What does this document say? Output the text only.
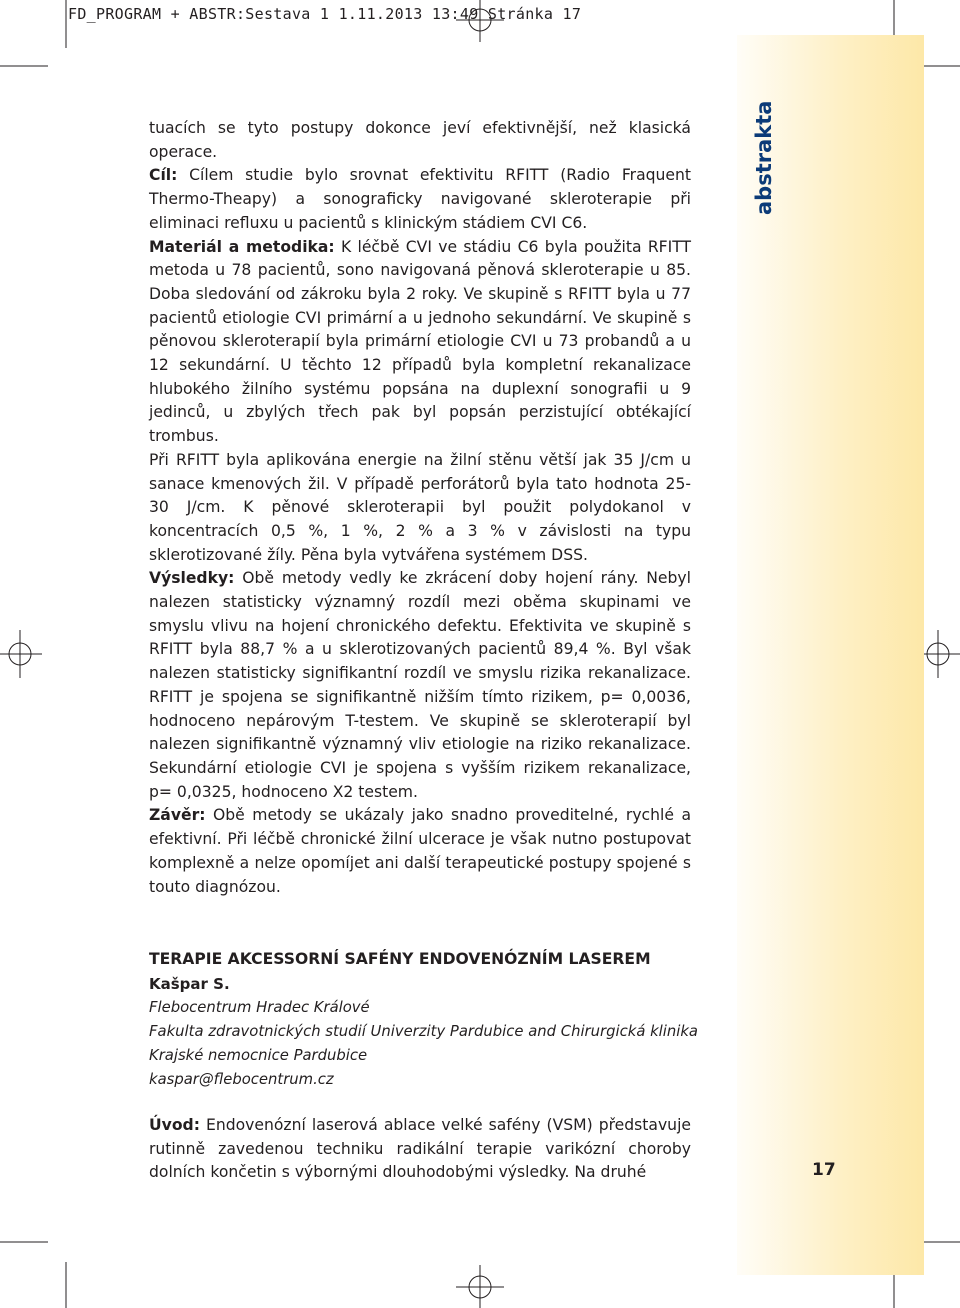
FD_PROGRAM + ABSTR:Sestava 1 1.11.2013 13:49 Stránka 17
abstrakta

tuacích se tyto postupy dokonce jeví efektivnější, než klasická operace.

Cíl: Cílem studie bylo srovnat efektivitu RFITT (Radio Fraquent Thermo-Theapy) a sonograficky navigované skleroterapie při eliminaci refluxu u pacientů s klinickým stádiem CVI C6.

Materiál a metodika: K léčbě CVI ve stádiu C6 byla použita RFITT metoda u 78 pacientů, sono navigovaná pěnová skleroterapie u 85. Doba sledování od zákroku byla 2 roky. Ve skupině s RFITT byla u 77 pacientů etiologie CVI primární a u jednoho sekundární. Ve skupině s pěnovou skleroterapií byla primární etiologie CVI u 73 probandů a u 12 sekundární. U těchto 12 případů byla kompletní rekanalizace hlubokého žilního systému popsána na duplexní sonografii u 9 jedinců, u zbylých třech pak byl popsán perzistující obtékající trombus.

Při RFITT byla aplikována energie na žilní stěnu větší jak 35 J/cm u sanace kmenových žil. V případě perforátorů byla tato hodnota 25-30 J/cm. K pěnové skleroterapii byl použit polydokanol v koncentracích 0,5 %, 1 %, 2 % a 3 % v závislosti na typu sklerotizované žíly. Pěna byla vytvářena systémem DSS.

Výsledky: Obě metody vedly ke zkrácení doby hojení rány. Nebyl nalezen statisticky významný rozdíl mezi oběma skupinami ve smyslu vlivu na hojení chronického defektu. Efektivita ve skupině s RFITT byla 88,7 % a u sklerotizovaných pacientů 89,4 %. Byl však nalezen statisticky signifikantní rozdíl ve smyslu rizika rekanalizace. RFITT je spojena se signifikantně nižším tímto rizikem, p= 0,0036, hodnoceno nepárovým T-testem. Ve skupině se skleroterapií byl nalezen signifikantně významný vliv etiologie na riziko rekanalizace. Sekundární etiologie CVI je spojena s vyšším rizikem rekanalizace, p= 0,0325, hodnoceno X2 testem.

Závěr: Obě metody se ukázaly jako snadno proveditelné, rychlé a efektivní. Při léčbě chronické žilní ulcerace je však nutno postupovat komplexně a nelze opomíjet ani další terapeutické postupy spojené s touto diagnózou.

TERAPIE AKCESSORNÍ SAFÉNY ENDOVENÓZNÍM LASEREM
Kašpar S.
Flebocentrum Hradec Králové
Fakulta zdravotnických studií Univerzity Pardubice and Chirurgická klinika
Krajské nemocnice Pardubice
kaspar@flebocentrum.cz

Úvod: Endovenózní laserová ablace velké safény (VSM) představuje rutinně zavedenou techniku radikální terapie varikózní choroby dolních končetin s výbornými dlouhodobými výsledky. Na druhé	17
